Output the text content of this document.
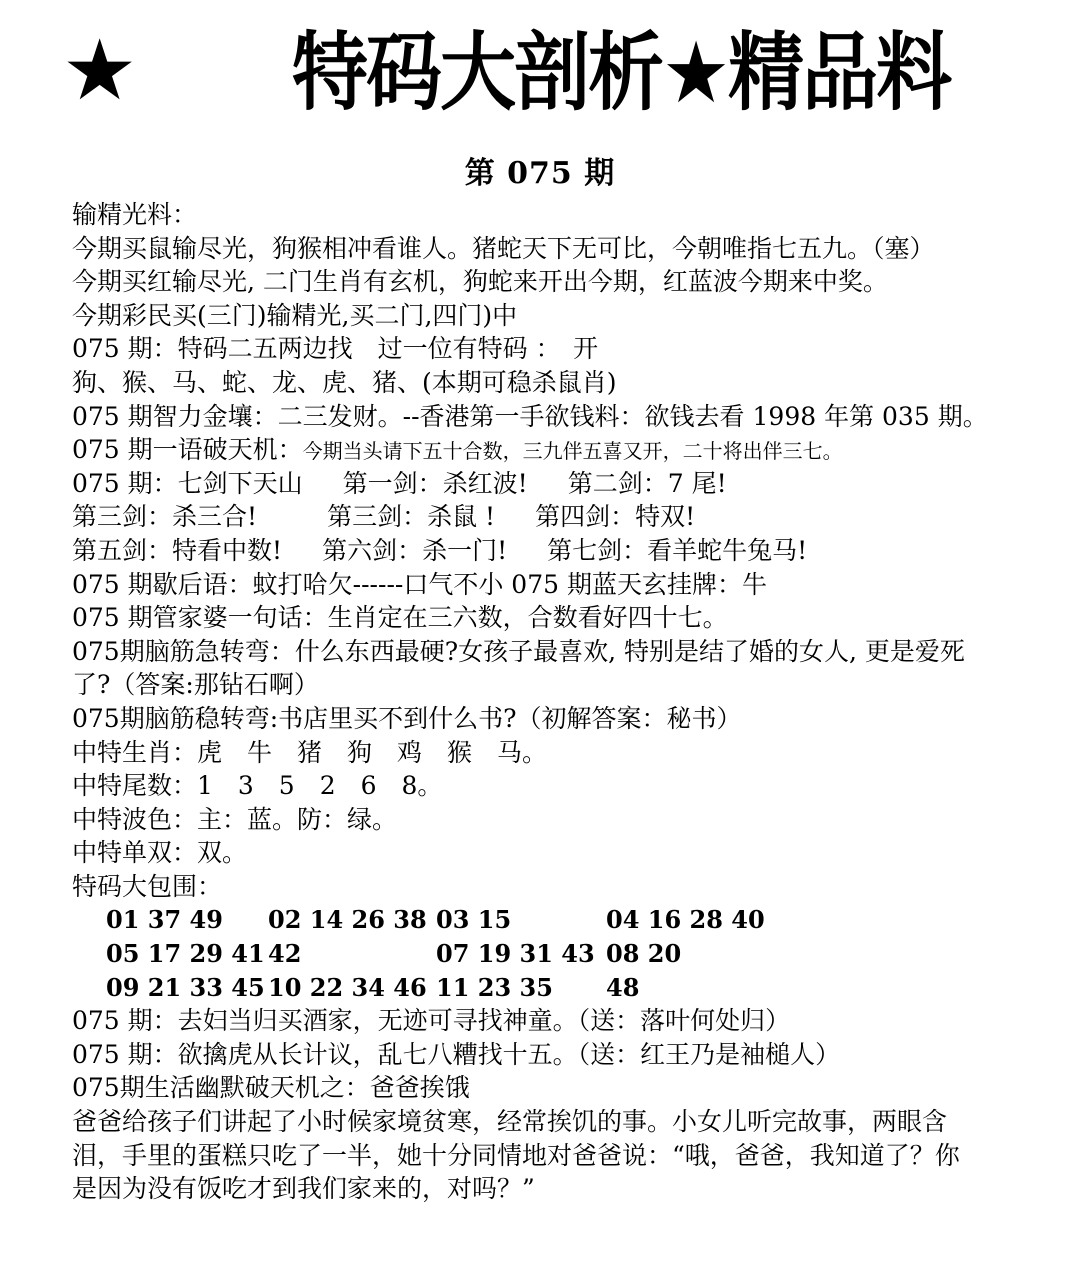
★ 特码大剖析★精品料
第 075 期
输精光料：
今期买鼠输尽光，狗猴相冲看谁人。猪蛇天下无可比，今朝唯指七五九。（塞）
今期买红输尽光, 二门生肖有玄机，狗蛇来开出今期，红蓝波今期来中奖。
今期彩民买(三门)输精光,买二门,四门)中
075 期：特码二五两边找　过一位有特码 ：　开
狗、猴、马、蛇、龙、虎、猪、(本期可稳杀鼠肖)
075 期智力金壤：二三发财。--香港第一手欲钱料：欲钱去看 1998 年第 035 期。
075 期一语破天机：今期当头请下五十合数，三九伴五喜又开，二十将出伴三七。
075 期：七剑下天山 第一剑：杀红波! 第二剑：7 尾!
第三剑：杀三合!	第三剑：杀鼠 ! 第四剑：特双!
第五剑：特看中数! 第六剑：杀一门! 第七剑：看羊蛇牛兔马!
075 期歇后语：蚊打哈欠------口气不小 075 期蓝天玄挂牌：牛
075 期管家婆一句话：生肖定在三六数，合数看好四十七。
075期脑筋急转弯：什么东西最硬?女孩子最喜欢, 特别是结了婚的女人, 更是爱死
了?（答案:那钻石啊）
075期脑筋稳转弯:书店里买不到什么书?（初解答案：秘书）
中特生肖：虎　牛　猪　狗　鸡　猴　马。
中特尾数：1　3　5　2　6　8。
中特波色：主：蓝。防：绿。
中特单双：双。
特码大包围：
01 37 49 02 14 26 38 03 15	04 16 28 40
05 17 29 41 42	07 19 31 43 08 20
09 21 33 45 10 22 34 46 11 23 35 48
075 期：去妇当归买酒家，无迹可寻找神童。（送：落叶何处归）
075 期：欲擒虎从长计议，乱七八糟找十五。（送：红王乃是袖槌人）
075期生活幽默破天机之：爸爸挨饿
爸爸给孩子们讲起了小时候家境贫寒，经常挨饥的事。小女儿听完故事，两眼含
泪，手里的蛋糕只吃了一半，她十分同情地对爸爸说：“哦，爸爸，我知道了？你
是因为没有饭吃才到我们家来的，对吗？”
